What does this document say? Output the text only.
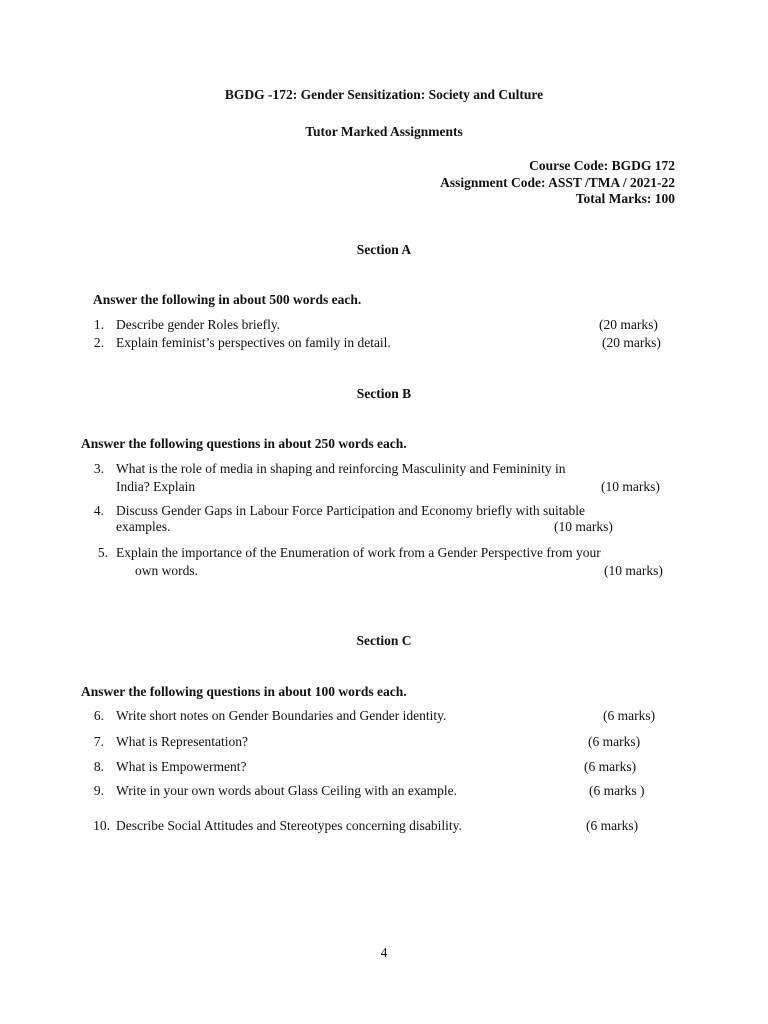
BGDG -172: Gender Sensitization: Society and Culture
Tutor Marked Assignments
Course Code: BGDG 172
Assignment Code: ASST /TMA / 2021-22
Total Marks: 100
Section A
Answer the following in about 500 words each.
1. Describe gender Roles briefly.	(20 marks)
2. Explain feminist’s perspectives on family in detail.	(20 marks)
Section B
Answer the following questions in about 250 words each.
3. What is the role of media in shaping and reinforcing Masculinity and Femininity in
India? Explain	(10 marks)
4. Discuss Gender Gaps in Labour Force Participation and Economy briefly with suitable
examples.	(10 marks)
5. Explain the importance of the Enumeration of work from a Gender Perspective from your
own words.	(10 marks)
Section C
Answer the following questions in about 100 words each.
6. Write short notes on Gender Boundaries and Gender identity.	(6 marks)
7. What is Representation?	(6 marks)
8. What is Empowerment?	(6 marks)
9. Write in your own words about Glass Ceiling with an example.	(6 marks )
10. Describe Social Attitudes and Stereotypes concerning disability.	(6 marks)
4
